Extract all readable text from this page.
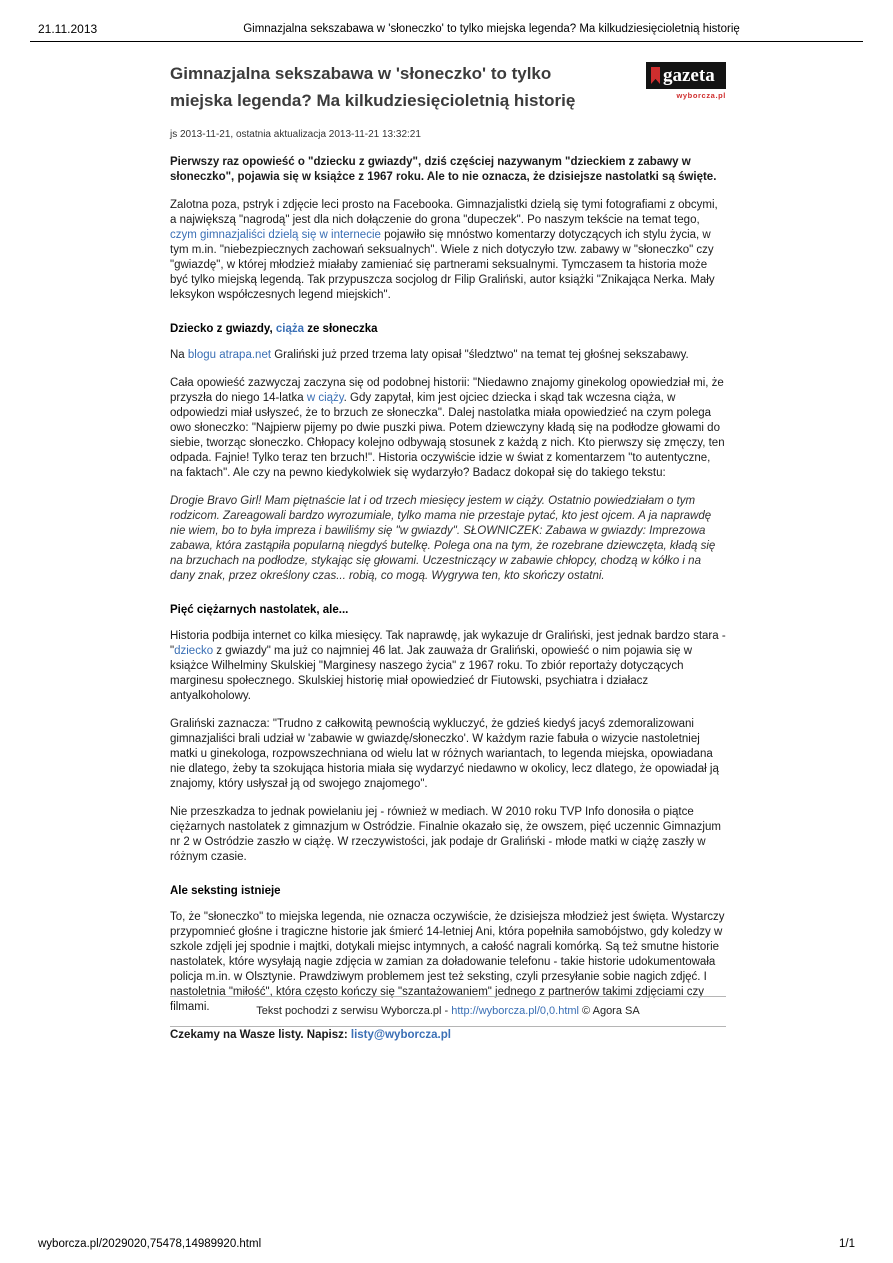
21.11.2013	Gimnazjalna sekszabawa w 'słoneczko' to tylko miejska legenda? Ma kilkudziesięcioletnią historię
Gimnazjalna sekszabawa w 'słoneczko' to tylko miejska legenda? Ma kilkudziesięcioletnią historię
gazeta
wyborcza.pl
js 2013-11-21, ostatnia aktualizacja 2013-11-21 13:32:21

Pierwszy raz opowieść o "dziecku z gwiazdy", dziś częściej nazywanym "dzieckiem z zabawy w słoneczko", pojawia się w książce z 1967 roku. Ale to nie oznacza, że dzisiejsze nastolatki są święte.

Zalotna poza, pstryk i zdjęcie leci prosto na Facebooka. Gimnazjalistki dzielą się tymi fotografiami z obcymi, a największą "nagrodą" jest dla nich dołączenie do grona "dupeczek". Po naszym tekście na temat tego, czym gimnazjaliści dzielą się w internecie pojawiło się mnóstwo komentarzy dotyczących ich stylu życia, w tym m.in. "niebezpiecznych zachowań seksualnych". Wiele z nich dotyczyło tzw. zabawy w "słoneczko" czy "gwiazdę", w której młodzież miałaby zamieniać się partnerami seksualnymi. Tymczasem ta historia może być tylko miejską legendą. Tak przypuszcza socjolog dr Filip Graliński, autor książki "Znikająca Nerka. Mały leksykon współczesnych legend miejskich".

Dziecko z gwiazdy, ciąża ze słoneczka

Na blogu atrapa.net Graliński już przed trzema laty opisał "śledztwo" na temat tej głośnej sekszabawy.

Cała opowieść zazwyczaj zaczyna się od podobnej historii: "Niedawno znajomy ginekolog opowiedział mi, że przyszła do niego 14-latka w ciąży. Gdy zapytał, kim jest ojciec dziecka i skąd tak wczesna ciąża, w odpowiedzi miał usłyszeć, że to brzuch ze słoneczka". Dalej nastolatka miała opowiedzieć na czym polega owo słoneczko: "Najpierw pijemy po dwie puszki piwa. Potem dziewczyny kładą się na podłodze głowami do siebie, tworząc słoneczko. Chłopacy kolejno odbywają stosunek z każdą z nich. Kto pierwszy się zmęczy, ten odpada. Fajnie! Tylko teraz ten brzuch!". Historia oczywiście idzie w świat z komentarzem "to autentyczne, na faktach". Ale czy na pewno kiedykolwiek się wydarzyło? Badacz dokopał się do takiego tekstu:

Drogie Bravo Girl! Mam piętnaście lat i od trzech miesięcy jestem w ciąży. Ostatnio powiedziałam o tym rodzicom. Zareagowali bardzo wyrozumiale, tylko mama nie przestaje pytać, kto jest ojcem. A ja naprawdę nie wiem, bo to była impreza i bawiliśmy się "w gwiazdy". SŁOWNICZEK: Zabawa w gwiazdy: Imprezowa zabawa, która zastąpiła popularną niegdyś butelkę. Polega ona na tym, że rozebrane dziewczęta, kładą się na brzuchach na podłodze, stykając się głowami. Uczestniczący w zabawie chłopcy, chodzą w kółko i na dany znak, przez określony czas... robią, co mogą. Wygrywa ten, kto skończy ostatni.

Pięć ciężarnych nastolatek, ale...

Historia podbija internet co kilka miesięcy. Tak naprawdę, jak wykazuje dr Graliński, jest jednak bardzo stara - "dziecko z gwiazdy" ma już co najmniej 46 lat. Jak zauważa dr Graliński, opowieść o nim pojawia się w książce Wilhelminy Skulskiej "Marginesy naszego życia" z 1967 roku. To zbiór reportaży dotyczących marginesu społecznego. Skulskiej historię miał opowiedzieć dr Fiutowski, psychiatra i działacz antyalkoholowy.

Graliński zaznacza: "Trudno z całkowitą pewnością wykluczyć, że gdzieś kiedyś jacyś zdemoralizowani gimnazjaliści brali udział w 'zabawie w gwiazdę/słoneczko'. W każdym razie fabuła o wizycie nastoletniej matki u ginekologa, rozpowszechniana od wielu lat w różnych wariantach, to legenda miejska, opowiadana nie dlatego, żeby ta szokująca historia miała się wydarzyć niedawno w okolicy, lecz dlatego, że opowiadał ją znajomy, który usłyszał ją od swojego znajomego".

Nie przeszkadza to jednak powielaniu jej - również w mediach. W 2010 roku TVP Info donosiła o piątce ciężarnych nastolatek z gimnazjum w Ostródzie. Finalnie okazało się, że owszem, pięć uczennic Gimnazjum nr 2 w Ostródzie zaszło w ciążę. W rzeczywistości, jak podaje dr Graliński - młode matki w ciążę zaszły w różnym czasie.

Ale seksting istnieje

To, że "słoneczko" to miejska legenda, nie oznacza oczywiście, że dzisiejsza młodzież jest święta. Wystarczy przypomnieć głośne i tragiczne historie jak śmierć 14-letniej Ani, która popełniła samobójstwo, gdy koledzy w szkole zdjęli jej spodnie i majtki, dotykali miejsc intymnych, a całość nagrali komórką. Są też smutne historie nastolatek, które wysyłają nagie zdjęcia w zamian za doładowanie telefonu - takie historie udokumentowała policja m.in. w Olsztynie. Prawdziwym problemem jest też seksting, czyli przesyłanie sobie nagich zdjęć. I nastoletnia "miłość", która często kończy się "szantażowaniem" jednego z partnerów takimi zdjęciami czy filmami.

Czekamy na Wasze listy. Napisz: listy@wyborcza.pl

Tekst pochodzi z serwisu Wyborcza.pl - http://wyborcza.pl/0,0.html © Agora SA
wyborcza.pl/2029020,75478,14989920.html	1/1
